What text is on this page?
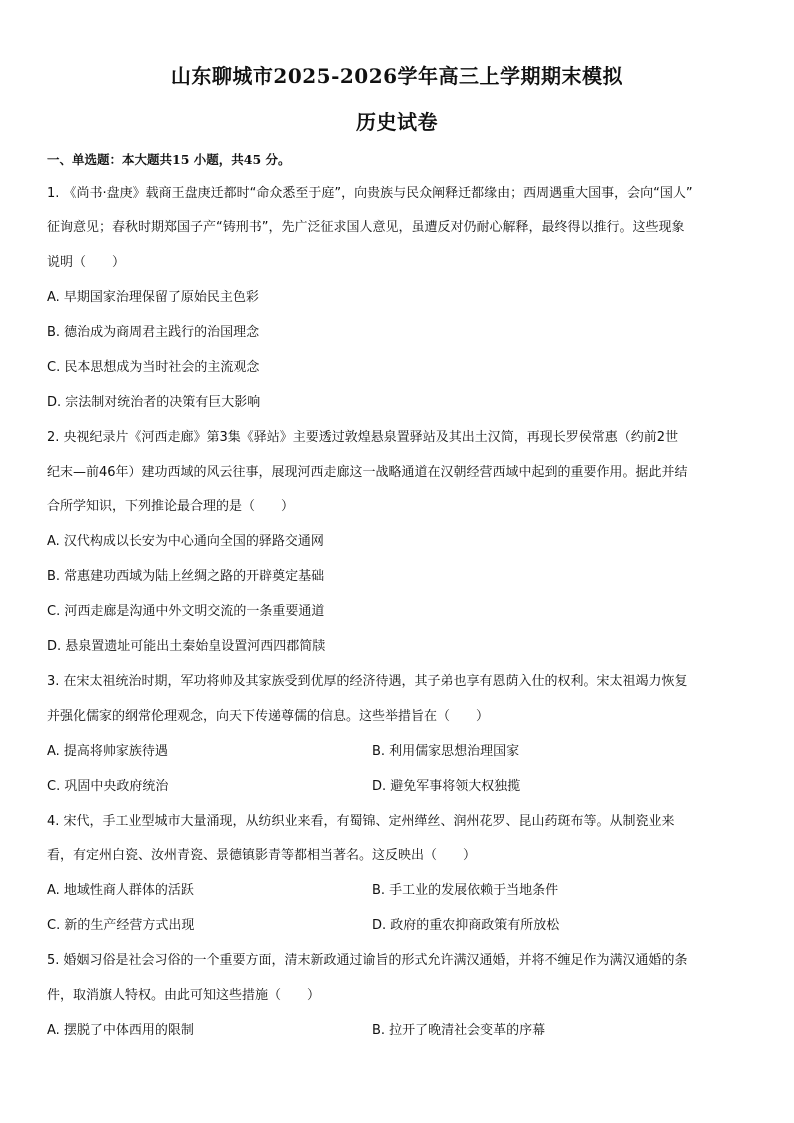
山东聊城市2025-2026学年高三上学期期末模拟
历史试卷
一、单选题：本大题共15 小题，共45 分。
1. 《尚书·盘庚》载商王盘庚迁都时“命众悉至于庭”，向贵族与民众阐释迁都缘由；西周遇重大国事，会向“国人”
征询意见；春秋时期郑国子产“铸刑书”，先广泛征求国人意见，虽遭反对仍耐心解释，最终得以推行。这些现象
说明（　　）
A. 早期国家治理保留了原始民主色彩
B. 德治成为商周君主践行的治国理念
C. 民本思想成为当时社会的主流观念
D. 宗法制对统治者的决策有巨大影响
2. 央视纪录片《河西走廊》第3集《驿站》主要透过敦煌悬泉置驿站及其出土汉简，再现长罗侯常惠（约前2世
纪末—前46年）建功西域的风云往事，展现河西走廊这一战略通道在汉朝经营西域中起到的重要作用。据此并结
合所学知识，下列推论最合理的是（　　）
A. 汉代构成以长安为中心通向全国的驿路交通网
B. 常惠建功西域为陆上丝绸之路的开辟奠定基础
C. 河西走廊是沟通中外文明交流的一条重要通道
D. 悬泉置遗址可能出土秦始皇设置河西四郡简牍
3. 在宋太祖统治时期，军功将帅及其家族受到优厚的经济待遇，其子弟也享有恩荫入仕的权利。宋太祖竭力恢复
并强化儒家的纲常伦理观念，向天下传递尊儒的信息。这些举措旨在（　　）
A. 提高将帅家族待遇	B. 利用儒家思想治理国家
C. 巩固中央政府统治	D. 避免军事将领大权独揽
4. 宋代，手工业型城市大量涌现，从纺织业来看，有蜀锦、定州缂丝、润州花罗、昆山药斑布等。从制瓷业来
看，有定州白瓷、汝州青瓷、景德镇影青等都相当著名。这反映出（　　）
A. 地域性商人群体的活跃	B. 手工业的发展依赖于当地条件
C. 新的生产经营方式出现	D. 政府的重农抑商政策有所放松
5. 婚姻习俗是社会习俗的一个重要方面，清末新政通过谕旨的形式允许满汉通婚，并将不缠足作为满汉通婚的条
件，取消旗人特权。由此可知这些措施（　　）
A. 摆脱了中体西用的限制	B. 拉开了晚清社会变革的序幕
